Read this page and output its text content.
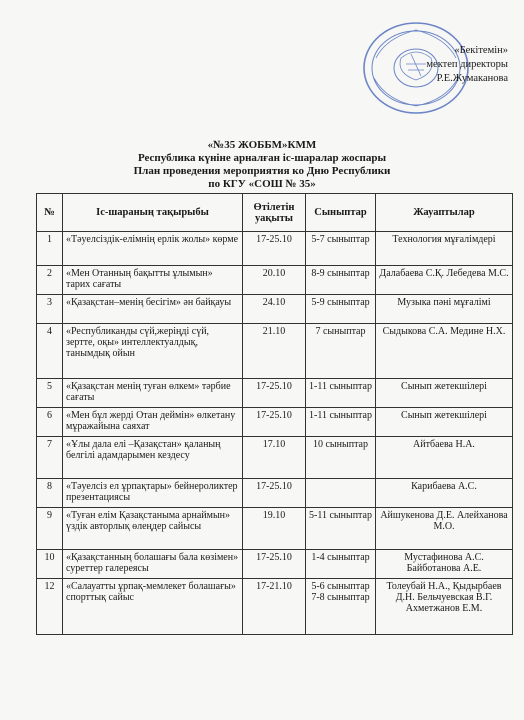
«Бекітемін»
мектеп директоры
Р.Е.Жумаканова
«№35 ЖОББМ»КММ
Республика күніне арналған іс-шаралар жоспары
План проведения мероприятия ко Дню Республики
по КГУ «СОШ № 35»
№	Іс-шараның тақырыбы	Өтілетін уақыты	Сыныптар	Жауаптылар
1	«Тәуелсіздік-елімнің ерлік жолы» көрме	17-25.10	5-7 сыныптар	Технология мұғалімдері
2	«Мен Отанның бақытты ұлымын» тарих сағаты	20.10	8-9 сыныптар	Далабаева С.Қ. Лебедева М.С.
3	«Қазақстан–менің бесігім» ән байқауы	24.10	5-9 сыныптар	Музыка пәні мұғалімі
4	«Республиканды сүй,жеріңді сүй, зертте, оқы» интеллектуалдық, танымдық ойын	21.10	7 сыныптар	Сыдыкова С.А. Медине Н.Х.
5	«Қазақстан менің туған өлкем» тәрбие сағаты	17-25.10	1-11 сыныптар	Сынып жетекшілері
6	«Мен бұл жерді Отан деймін» өлкетану мұражайына саяхат	17-25.10	1-11 сыныптар	Сынып жетекшілері
7	«Ұлы дала елі –Қазақстан» қаланың белгілі адамдарымен кездесу	17.10	10 сыныптар	Айтбаева Н.А.
8	«Тәуелсіз ел ұрпақтары» бейнероликтер презентациясы	17-25.10		Карибаева А.С.
9	«Туған елім Қазақстаныма арнаймын» үздік авторлық өлеңдер сайысы	19.10	5-11 сыныптар	Айшукенова Д.Е. Алейханова М.О.
10	«Қазақстанның болашағы бала көзімен» суреттер галереясы	17-25.10	1-4 сыныптар	Мустафинова А.С. Байботанова А.Е.
12	«Салауатты ұрпақ-мемлекет болашағы» спорттық сайыс	17-21.10	5-6 сыныптар 7-8 сыныптар	Толеубай Н.А., Қыдырбаев Д.Н. Бельчуевская В.Г. Ахметжанов Е.М.
